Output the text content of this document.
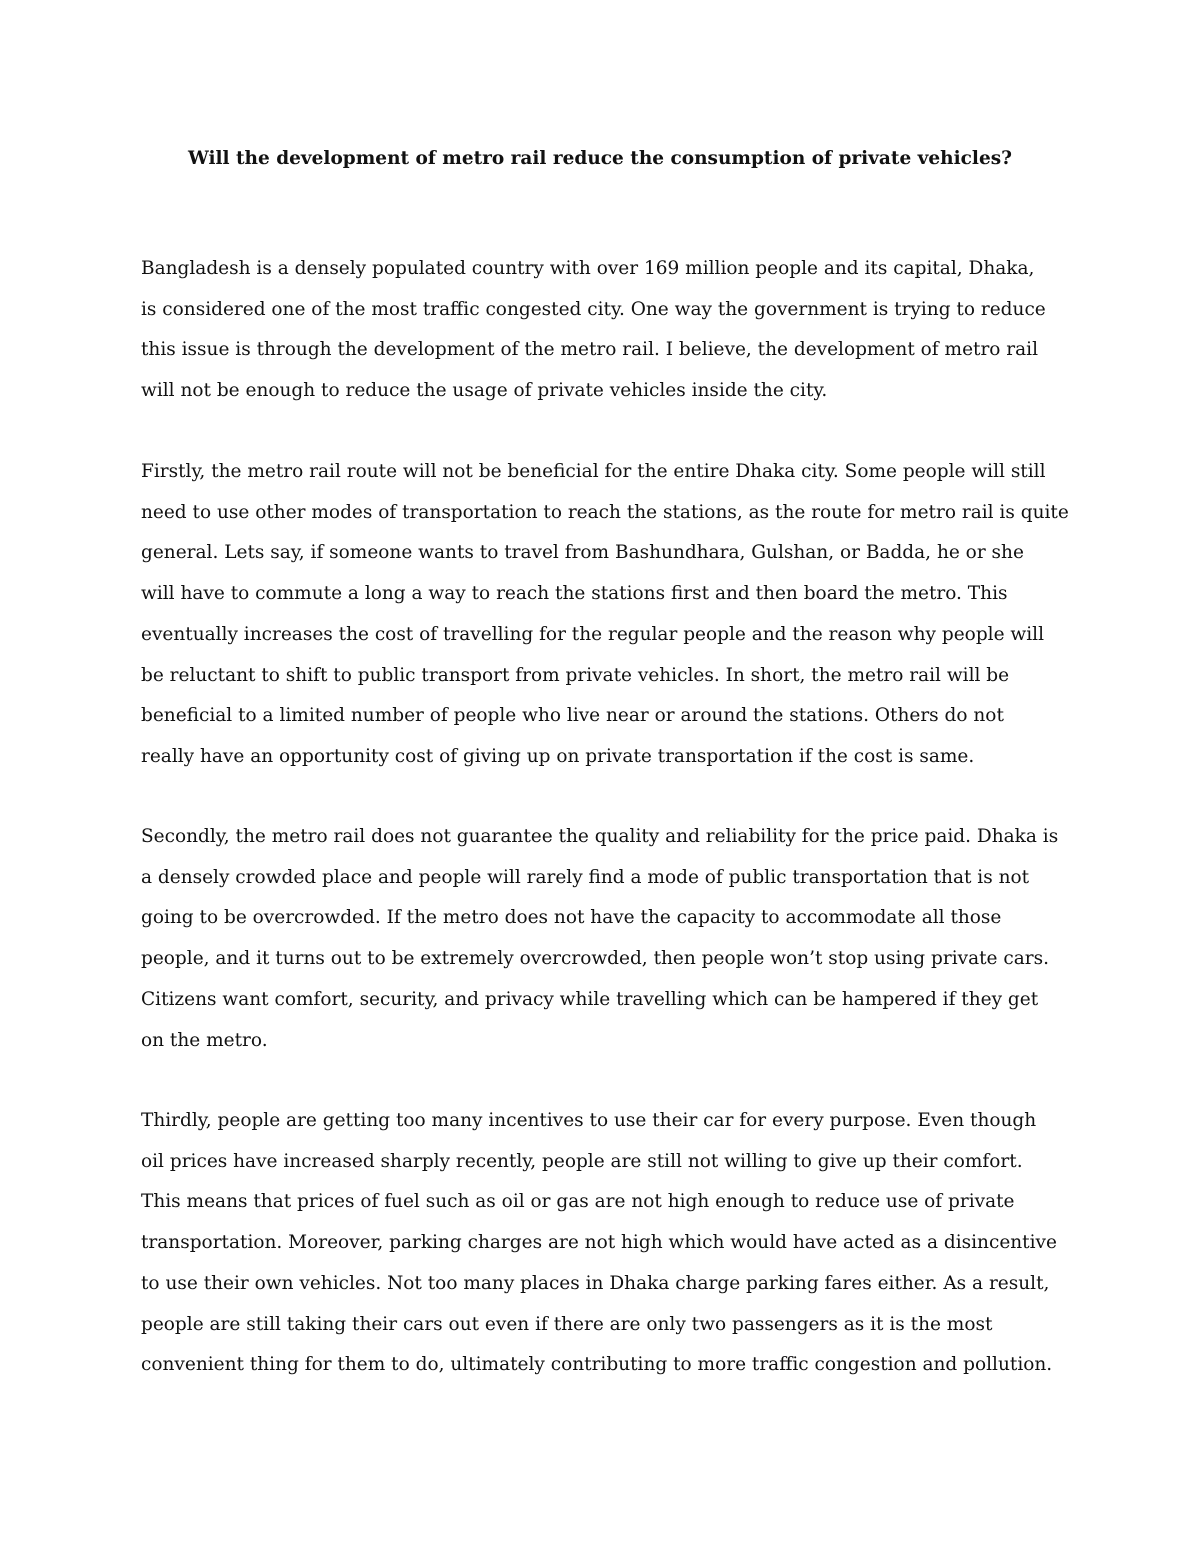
Will the development of metro rail reduce the consumption of private vehicles?

Bangladesh is a densely populated country with over 169 million people and its capital, Dhaka,
is considered one of the most traffic congested city. One way the government is trying to reduce
this issue is through the development of the metro rail. I believe, the development of metro rail
will not be enough to reduce the usage of private vehicles inside the city.

Firstly, the metro rail route will not be beneficial for the entire Dhaka city. Some people will still
need to use other modes of transportation to reach the stations, as the route for metro rail is quite
general. Lets say, if someone wants to travel from Bashundhara, Gulshan, or Badda, he or she
will have to commute a long a way to reach the stations first and then board the metro. This
eventually increases the cost of travelling for the regular people and the reason why people will
be reluctant to shift to public transport from private vehicles. In short, the metro rail will be
beneficial to a limited number of people who live near or around the stations. Others do not
really have an opportunity cost of giving up on private transportation if the cost is same.

Secondly, the metro rail does not guarantee the quality and reliability for the price paid. Dhaka is
a densely crowded place and people will rarely find a mode of public transportation that is not
going to be overcrowded. If the metro does not have the capacity to accommodate all those
people, and it turns out to be extremely overcrowded, then people won’t stop using private cars.
Citizens want comfort, security, and privacy while travelling which can be hampered if they get
on the metro.

Thirdly, people are getting too many incentives to use their car for every purpose. Even though
oil prices have increased sharply recently, people are still not willing to give up their comfort.
This means that prices of fuel such as oil or gas are not high enough to reduce use of private
transportation. Moreover, parking charges are not high which would have acted as a disincentive
to use their own vehicles. Not too many places in Dhaka charge parking fares either. As a result,
people are still taking their cars out even if there are only two passengers as it is the most
convenient thing for them to do, ultimately contributing to more traffic congestion and pollution.
